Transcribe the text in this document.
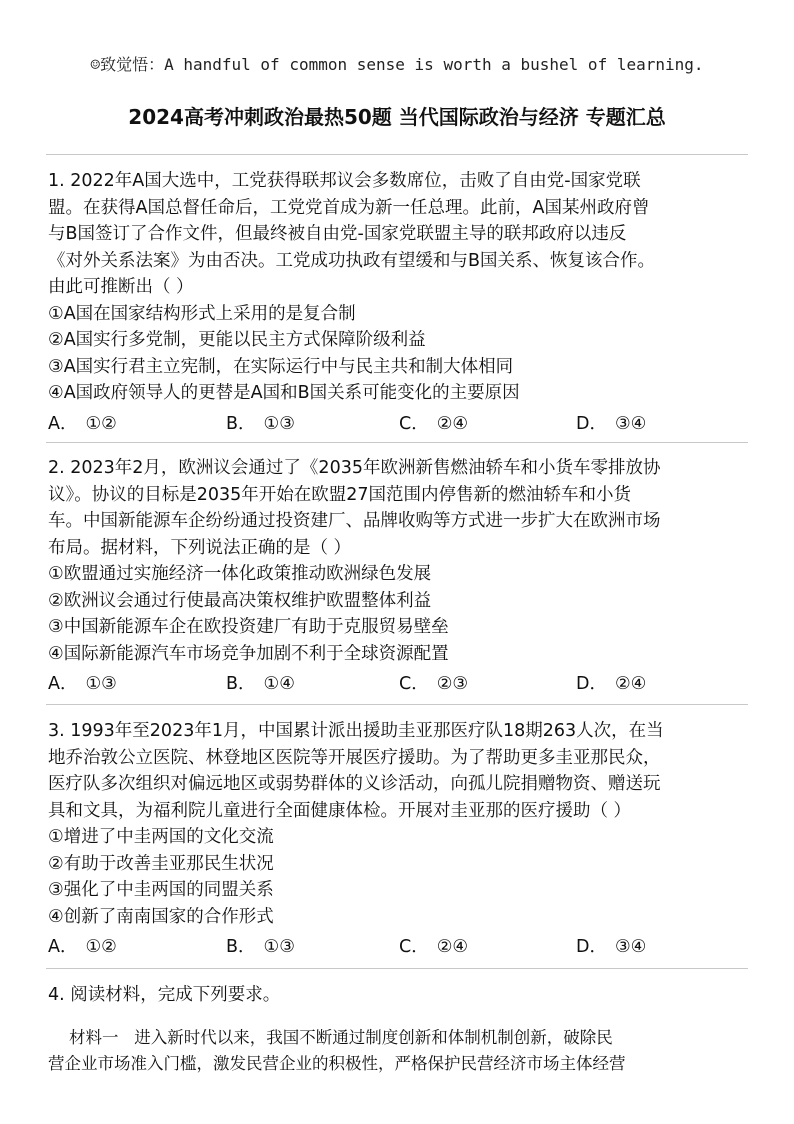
☺致觉悟：A handful of common sense is worth a bushel of learning.
2024高考冲刺政治最热50题 当代国际政治与经济 专题汇总
1. 2022年A国大选中，工党获得联邦议会多数席位，击败了自由党-国家党联
盟。在获得A国总督任命后，工党党首成为新一任总理。此前，A国某州政府曾
与B国签订了合作文件，但最终被自由党-国家党联盟主导的联邦政府以违反
《对外关系法案》为由否决。工党成功执政有望缓和与B国关系、恢复该合作。
由此可推断出（ ）
①A国在国家结构形式上采用的是复合制
②A国实行多党制，更能以民主方式保障阶级利益
③A国实行君主立宪制，在实际运行中与民主共和制大体相同
④A国政府领导人的更替是A国和B国关系可能变化的主要原因
A． ①②	B． ①③	C． ②④	D． ③④
2. 2023年2月，欧洲议会通过了《2035年欧洲新售燃油轿车和小货车零排放协
议》。协议的目标是2035年开始在欧盟27国范围内停售新的燃油轿车和小货
车。中国新能源车企纷纷通过投资建厂、品牌收购等方式进一步扩大在欧洲市场
布局。据材料，下列说法正确的是（ ）
①欧盟通过实施经济一体化政策推动欧洲绿色发展
②欧洲议会通过行使最高决策权维护欧盟整体利益
③中国新能源车企在欧投资建厂有助于克服贸易壁垒
④国际新能源汽车市场竞争加剧不利于全球资源配置
A． ①③	B． ①④	C． ②③	D． ②④
3. 1993年至2023年1月，中国累计派出援助圭亚那医疗队18期263人次，在当
地乔治敦公立医院、林登地区医院等开展医疗援助。为了帮助更多圭亚那民众，
医疗队多次组织对偏远地区或弱势群体的义诊活动，向孤儿院捐赠物资、赠送玩
具和文具，为福利院儿童进行全面健康体检。开展对圭亚那的医疗援助（ ）
①增进了中圭两国的文化交流
②有助于改善圭亚那民生状况
③强化了中圭两国的同盟关系
④创新了南南国家的合作形式
A． ①②	B． ①③	C． ②④	D． ③④
4. 阅读材料，完成下列要求。
材料一   进入新时代以来，我国不断通过制度创新和体制机制创新，破除民
营企业市场准入门槛，激发民营企业的积极性，严格保护民营经济市场主体经营
